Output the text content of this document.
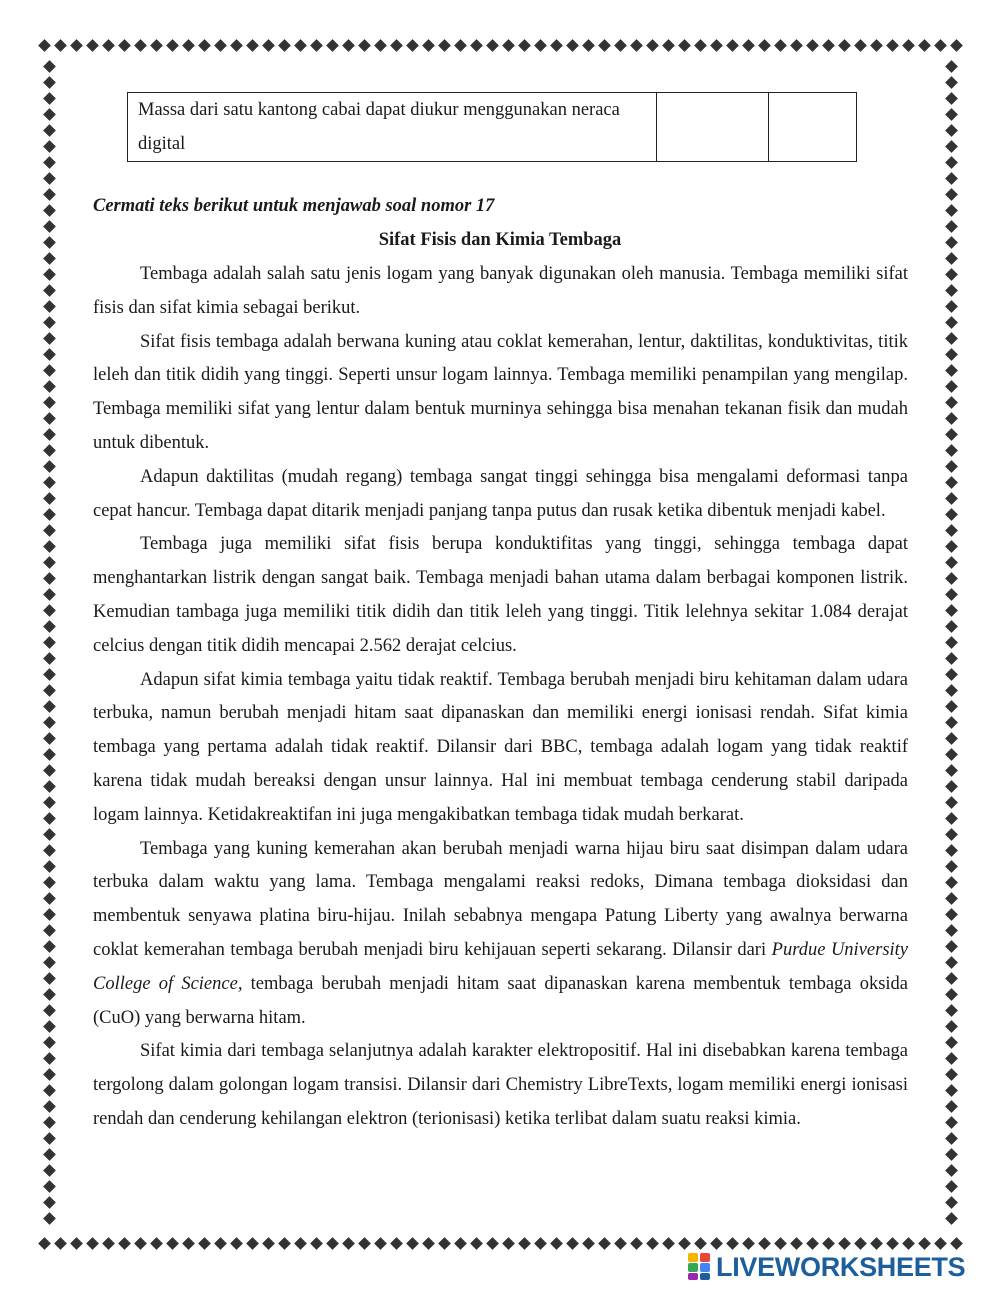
Massa dari satu kantong cabai dapat diukur menggunakan neraca digital		
Cermati teks berikut untuk menjawab soal nomor 17
Sifat Fisis dan Kimia Tembaga

Tembaga adalah salah satu jenis logam yang banyak digunakan oleh manusia. Tembaga memiliki sifat fisis dan sifat kimia sebagai berikut.

Sifat fisis tembaga adalah berwana kuning atau coklat kemerahan, lentur, daktilitas, konduktivitas, titik leleh dan titik didih yang tinggi. Seperti unsur logam lainnya. Tembaga memiliki penampilan yang mengilap. Tembaga memiliki sifat yang lentur dalam bentuk murninya sehingga bisa menahan tekanan fisik dan mudah untuk dibentuk.

Adapun daktilitas (mudah regang) tembaga sangat tinggi sehingga bisa mengalami deformasi tanpa cepat hancur. Tembaga dapat ditarik menjadi panjang tanpa putus dan rusak ketika dibentuk menjadi kabel.

Tembaga juga memiliki sifat fisis berupa konduktifitas yang tinggi, sehingga tembaga dapat menghantarkan listrik dengan sangat baik. Tembaga menjadi bahan utama dalam berbagai komponen listrik. Kemudian tambaga juga memiliki titik didih dan titik leleh yang tinggi. Titik lelehnya sekitar 1.084 derajat celcius dengan titik didih mencapai 2.562 derajat celcius.

Adapun sifat kimia tembaga yaitu tidak reaktif. Tembaga berubah menjadi biru kehitaman dalam udara terbuka, namun berubah menjadi hitam saat dipanaskan dan memiliki energi ionisasi rendah. Sifat kimia tembaga yang pertama adalah tidak reaktif. Dilansir dari BBC, tembaga adalah logam yang tidak reaktif karena tidak mudah bereaksi dengan unsur lainnya. Hal ini membuat tembaga cenderung stabil daripada logam lainnya. Ketidakreaktifan ini juga mengakibatkan tembaga tidak mudah berkarat.

Tembaga yang kuning kemerahan akan berubah menjadi warna hijau biru saat disimpan dalam udara terbuka dalam waktu yang lama. Tembaga mengalami reaksi redoks, Dimana tembaga dioksidasi dan membentuk senyawa platina biru-hijau. Inilah sebabnya mengapa Patung Liberty yang awalnya berwarna coklat kemerahan tembaga berubah menjadi biru kehijauan seperti sekarang. Dilansir dari Purdue University College of Science, tembaga berubah menjadi hitam saat dipanaskan karena membentuk tembaga oksida (CuO) yang berwarna hitam.

Sifat kimia dari tembaga selanjutnya adalah karakter elektropositif. Hal ini disebabkan karena tembaga tergolong dalam golongan logam transisi. Dilansir dari Chemistry LibreTexts, logam memiliki energi ionisasi rendah dan cenderung kehilangan elektron (terionisasi) ketika terlibat dalam suatu reaksi kimia.

LIVEWORKSHEETS
